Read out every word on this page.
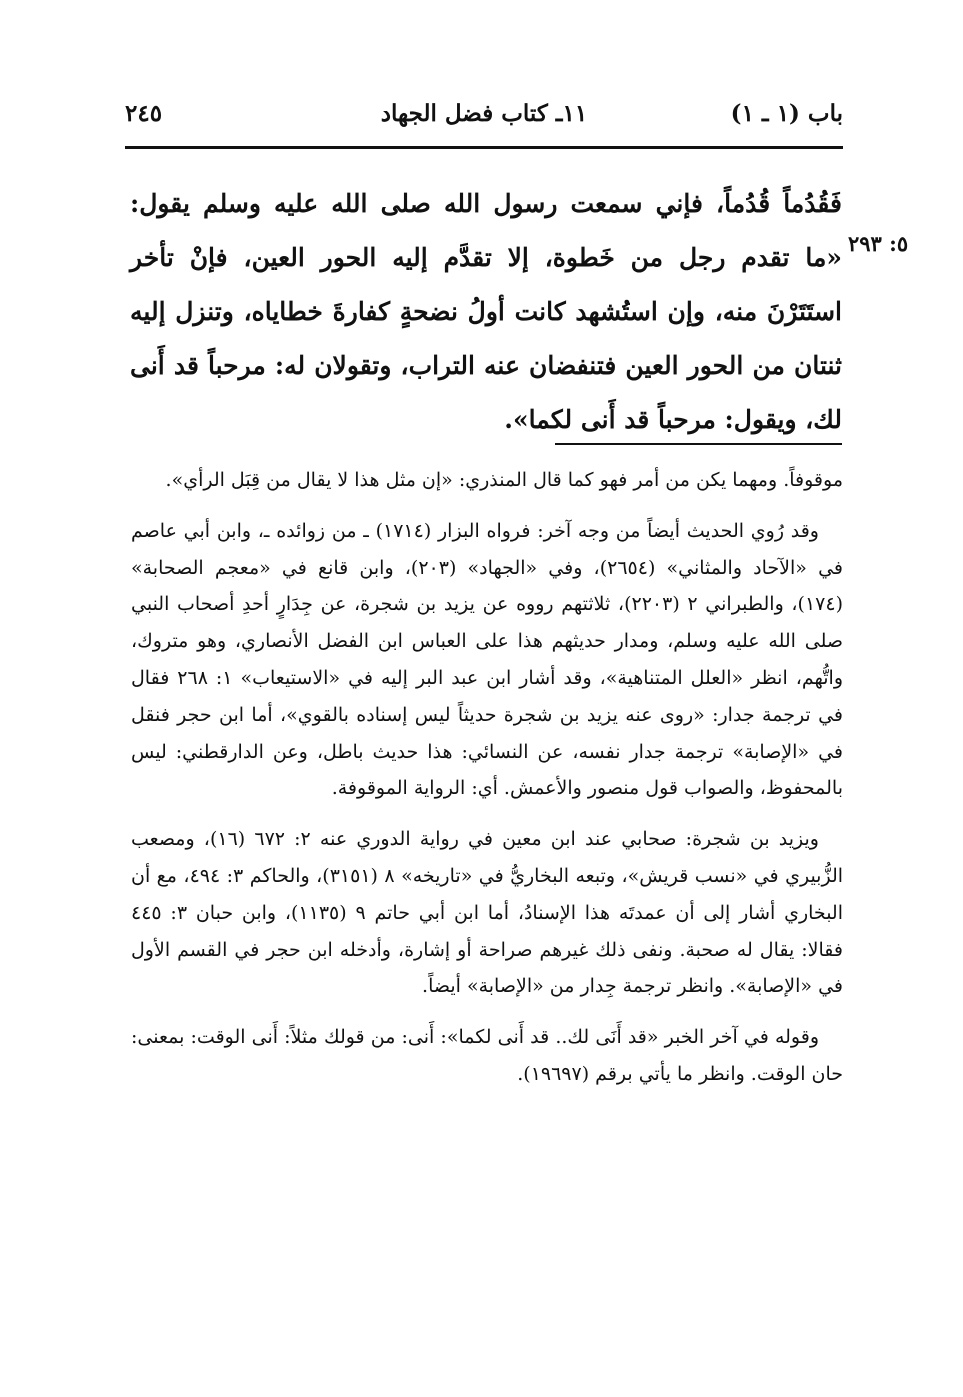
باب (١ ـ ١)
١١ـ كتاب فضل الجهاد
٢٤٥
٥: ٢٩٣

فَقُدُماً قُدُماً، فإني سمعت رسول الله صلى الله عليه وسلم يقول: «ما تقدم رجل من خَطوة، إلا تقدَّم إليه الحور العين، فإنْ تأخر استَتَرْنَ منه، وإن استُشهد كانت أولُ نضحةٍ كفارةَ خطاياه، وتنزل إليه ثنتان من الحور العين فتنفضان عنه التراب، وتقولان له: مرحباً قد أَنى لك، ويقول: مرحباً قد أَنى لكما».

موقوفاً. ومهما يكن من أمر فهو كما قال المنذري: «إن مثل هذا لا يقال من قِبَل الرأي».

وقد رُوي الحديث أيضاً من وجه آخر: فرواه البزار (١٧١٤) ـ من زوائده ـ، وابن أبي عاصم في «الآحاد والمثاني» (٢٦٥٤)، وفي «الجهاد» (٢٠٣)، وابن قانع في «معجم الصحابة» (١٧٤)، والطبراني ٢ (٢٢٠٣)، ثلاثتهم رووه عن يزيد بن شجرة، عن جِدَارٍ أحدِ أصحاب النبي صلى الله عليه وسلم، ومدار حديثهم هذا على العباس ابن الفضل الأنصاري، وهو متروك، واتُّهم، انظر «العلل المتناهية»، وقد أشار ابن عبد البر إليه في «الاستيعاب» ١: ٢٦٨ فقال في ترجمة جدار: «روى عنه يزيد بن شجرة حديثاً ليس إسناده بالقوي»، أما ابن حجر فنقل في «الإصابة» ترجمة جدار نفسه، عن النسائي: هذا حديث باطل، وعن الدارقطني: ليس بالمحفوظ، والصواب قول منصور والأعمش. أي: الرواية الموقوفة.

ويزيد بن شجرة: صحابي عند ابن معين في رواية الدوري عنه ٢: ٦٧٢ (١٦)، ومصعب الزُّبيري في «نسب قريش»، وتبعه البخاريُّ في «تاريخه» ٨ (٣١٥١)، والحاكم ٣: ٤٩٤، مع أن البخاري أشار إلى أن عمدتَه هذا الإسنادُ، أما ابن أبي حاتم ٩ (١١٣٥)، وابن حبان ٣: ٤٤٥ فقالا: يقال له صحبة. ونفى ذلك غيرهم صراحة أو إشارة، وأدخله ابن حجر في القسم الأول في «الإصابة». وانظر ترجمة جِدار من «الإصابة» أيضاً.

وقوله في آخر الخبر «قد أَنَى لك.. قد أَنى لكما»: أَنى: من قولك مثلاً: أَنى الوقت: بمعنى: حان الوقت. وانظر ما يأتي برقم (١٩٦٩٧).
